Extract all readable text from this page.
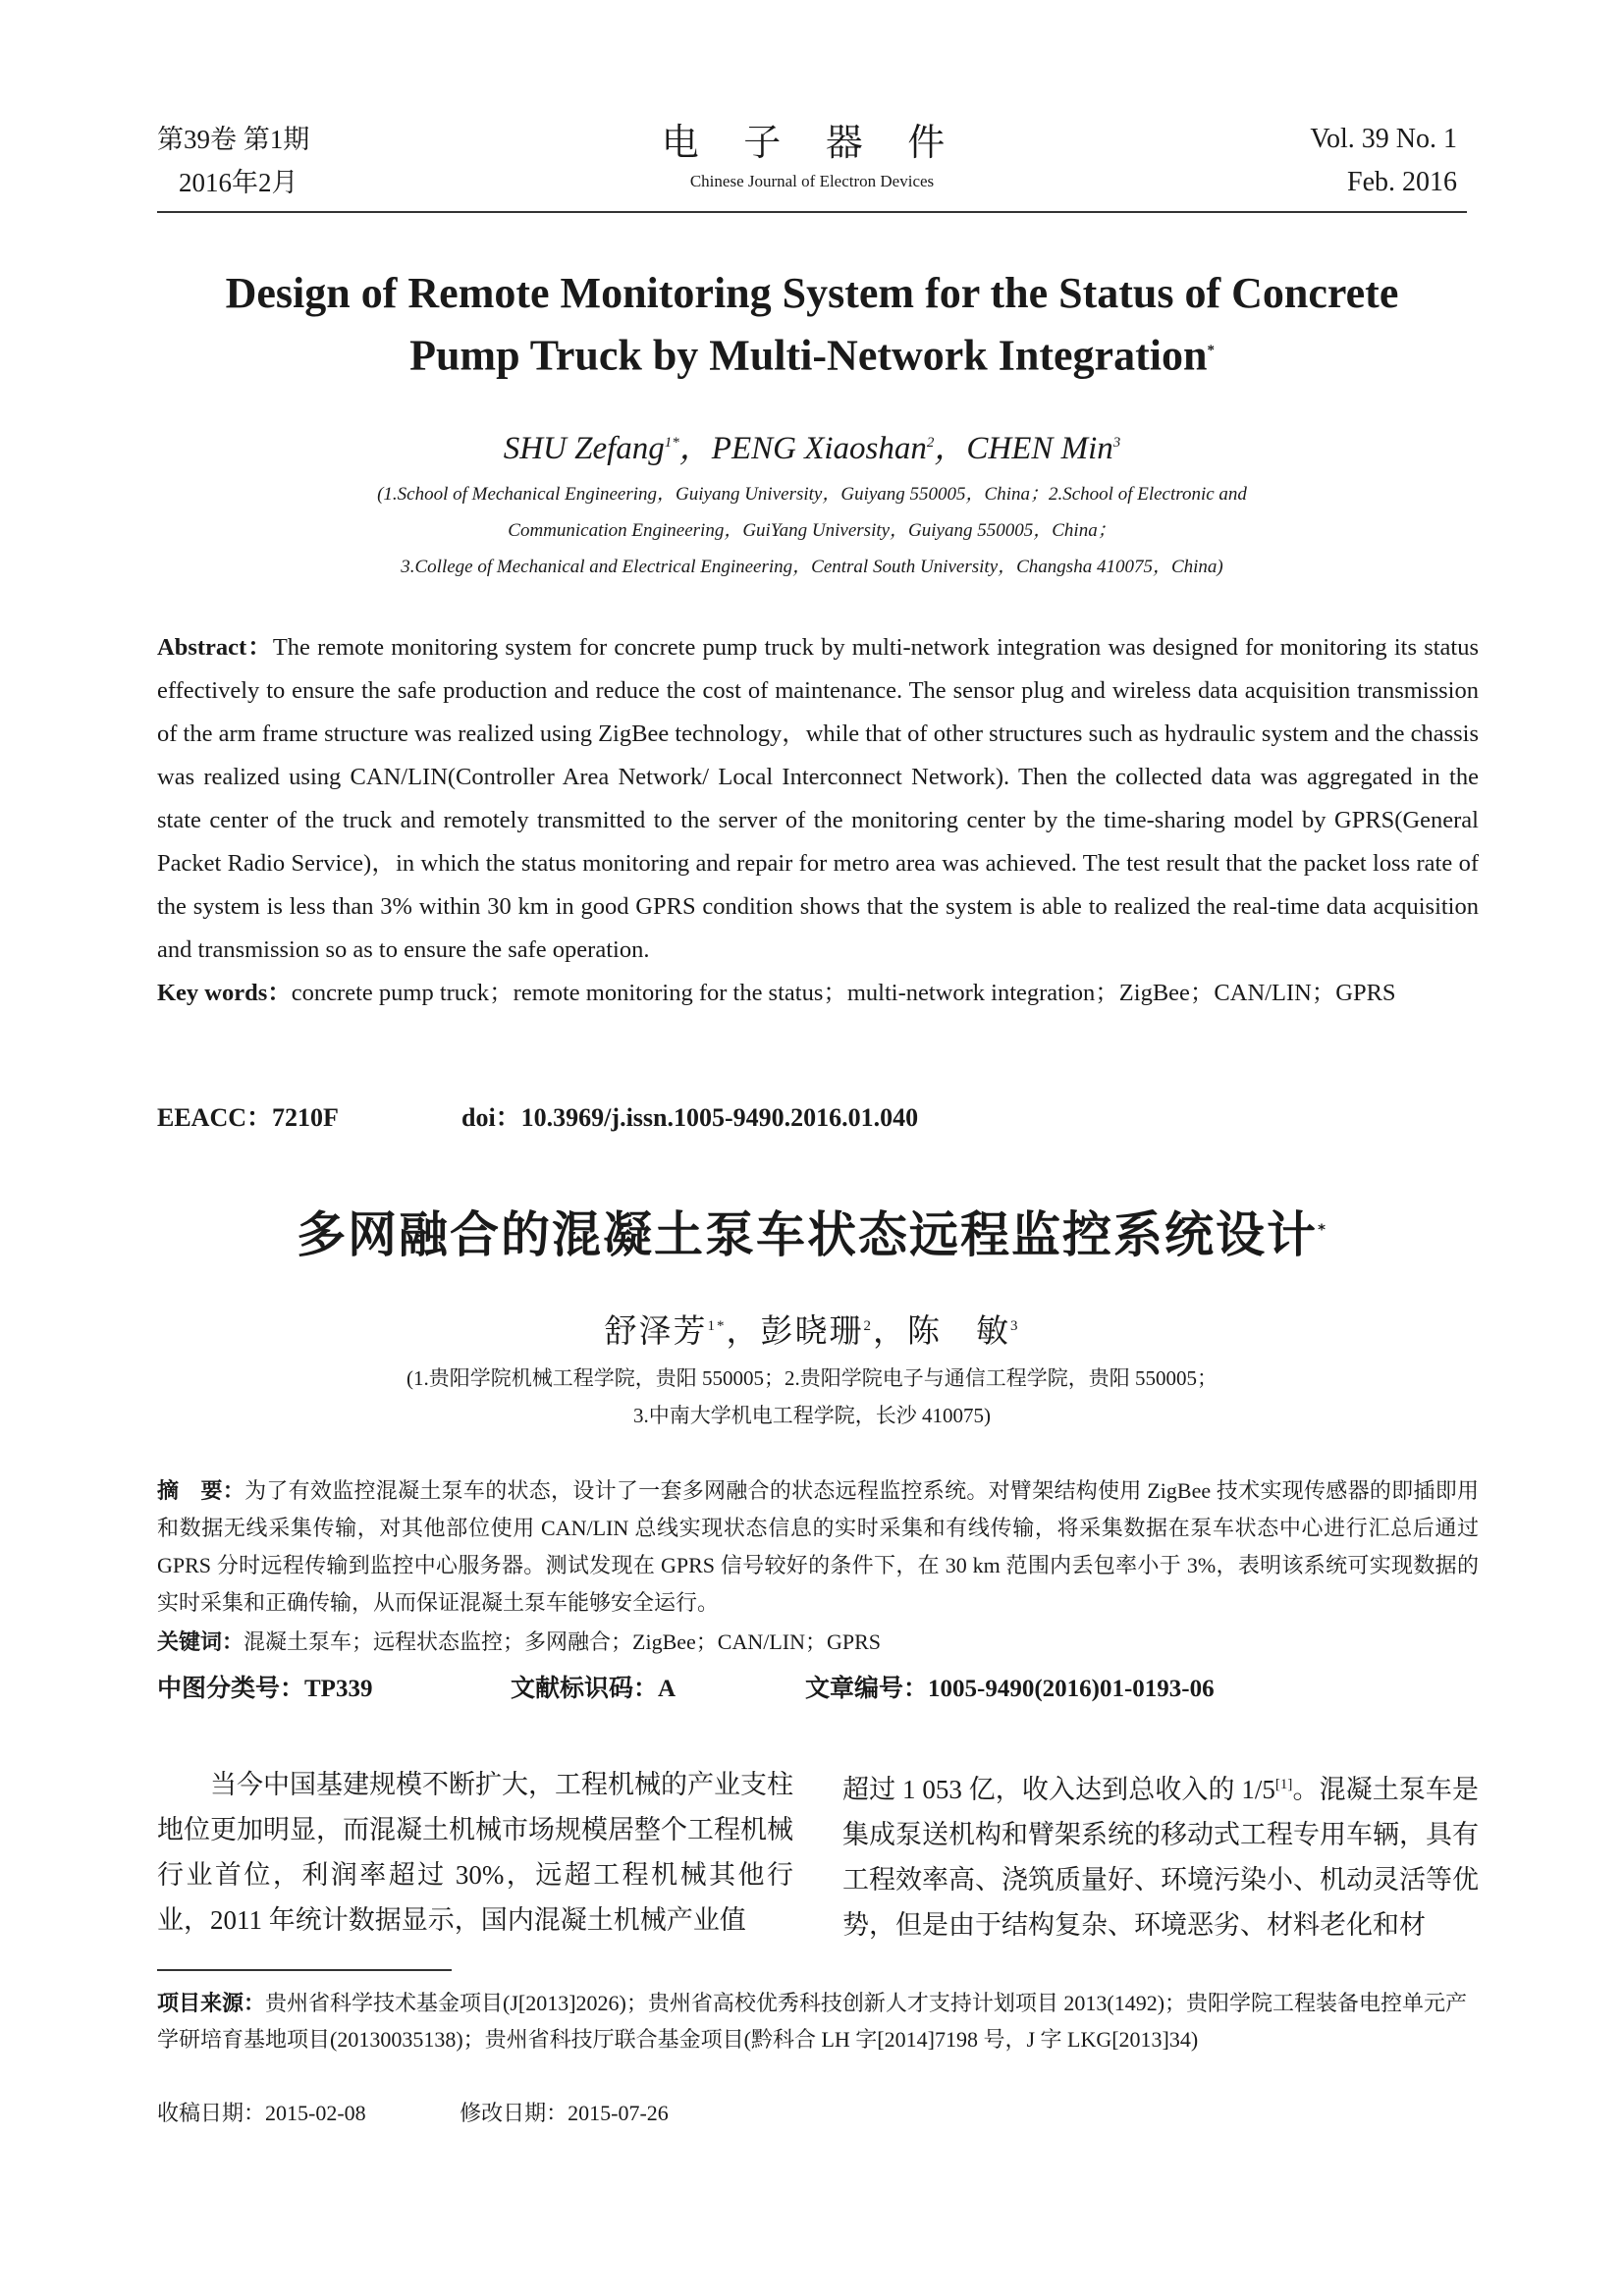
第39卷 第1期
2016年2月
电 子 器 件
Chinese Journal of Electron Devices
Vol. 39 No. 1
Feb. 2016
Design of Remote Monitoring System for the Status of Concrete
Pump Truck by Multi-Network Integration*
SHU Zefang$^{1*}$，PENG Xiaoshan$^2$，CHEN Min$^3$
(1.School of Mechanical Engineering，Guiyang University，Guiyang 550005，China；2.School of Electronic and
Communication Engineering，GuiYang University，Guiyang 550005，China；
3.College of Mechanical and Electrical Engineering，Central South University，Changsha 410075，China)

Abstract：The remote monitoring system for concrete pump truck by multi-network integration was designed for monitoring its status effectively to ensure the safe production and reduce the cost of maintenance. The sensor plug and wireless data acquisition transmission of the arm frame structure was realized using ZigBee technology，while that of other structures such as hydraulic system and the chassis was realized using CAN/LIN(Controller Area Network/ Local Interconnect Network). Then the collected data was aggregated in the state center of the truck and remotely transmitted to the server of the monitoring center by the time-sharing model by GPRS(General Packet Radio Service)，in which the status monitoring and repair for metro area was achieved. The test result that the packet loss rate of the system is less than 3% within 30 km in good GPRS condition shows that the system is able to realized the real-time data acquisition and transmission so as to ensure the safe operation.

Key words：concrete pump truck；remote monitoring for the status；multi-network integration；ZigBee；CAN/LIN；GPRS

EEACC：7210F	doi：10.3969/j.issn.1005-9490.2016.01.040
多网融合的混凝土泵车状态远程监控系统设计*
舒泽芳$^{1*}$，彭晓珊$^2$，陈　敏$^3$
(1.贵阳学院机械工程学院，贵阳 550005；2.贵阳学院电子与通信工程学院，贵阳 550005；
3.中南大学机电工程学院，长沙 410075)

摘　要：为了有效监控混凝土泵车的状态，设计了一套多网融合的状态远程监控系统。对臂架结构使用 ZigBee 技术实现传感器的即插即用和数据无线采集传输，对其他部位使用 CAN/LIN 总线实现状态信息的实时采集和有线传输，将采集数据在泵车状态中心进行汇总后通过 GPRS 分时远程传输到监控中心服务器。测试发现在 GPRS 信号较好的条件下，在 30 km 范围内丢包率小于 3%，表明该系统可实现数据的实时采集和正确传输，从而保证混凝土泵车能够安全运行。

关键词：混凝土泵车；远程状态监控；多网融合；ZigBee；CAN/LIN；GPRS
中图分类号：TP339	文献标识码：A	文章编号：1005-9490(2016)01-0193-06

当今中国基建规模不断扩大，工程机械的产业支柱地位更加明显，而混凝土机械市场规模居整个工程机械行业首位，利润率超过 30%，远超工程机械其他行业，2011 年统计数据显示，国内混凝土机械产业值

超过 1 053 亿，收入达到总收入的 1/5[1]。混凝土泵车是集成泵送机构和臂架系统的移动式工程专用车辆，具有工程效率高、浇筑质量好、环境污染小、机动灵活等优势，但是由于结构复杂、环境恶劣、材料老化和材

项目来源：贵州省科学技术基金项目(J[2013]2026)；贵州省高校优秀科技创新人才支持计划项目 2013(1492)；贵阳学院工程装备电控单元产学研培育基地项目(20130035138)；贵州省科技厅联合基金项目(黔科合 LH 字[2014]7198 号，J 字 LKG[2013]34)
收稿日期：2015-02-08	修改日期：2015-07-26
